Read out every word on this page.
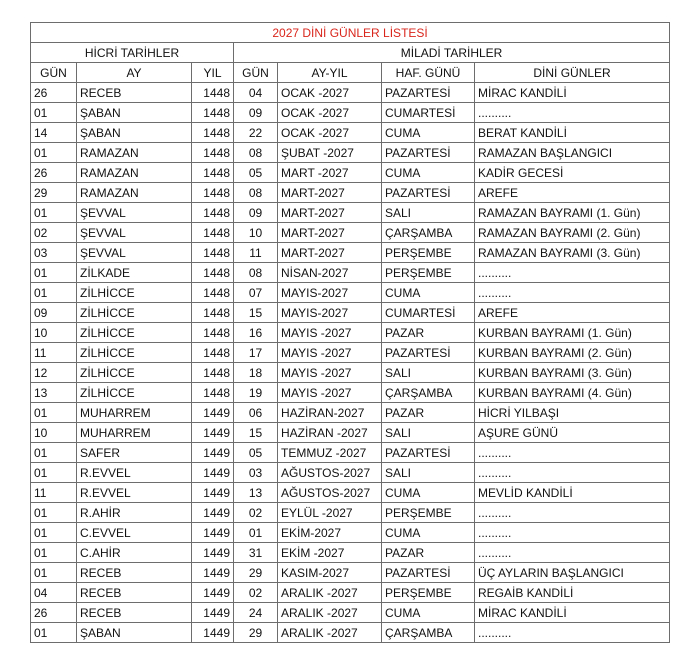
2027 DİNİ GÜNLER LİSTESİ						
HİCRİ TARİHLER			MİLADİ TARİHLER			
GÜN	AY	YIL	GÜN	AY-YIL	HAF. GÜNÜ	DİNİ GÜNLER
26	RECEB	1448	04	OCAK -2027	PAZARTESİ	MİRAC KANDİLİ
01	ŞABAN	1448	09	OCAK -2027	CUMARTESİ	..........
14	ŞABAN	1448	22	OCAK -2027	CUMA	BERAT KANDİLİ
01	RAMAZAN	1448	08	ŞUBAT -2027	PAZARTESİ	RAMAZAN BAŞLANGICI
26	RAMAZAN	1448	05	MART -2027	CUMA	KADİR GECESİ
29	RAMAZAN	1448	08	MART-2027	PAZARTESİ	AREFE
01	ŞEVVAL	1448	09	MART-2027	SALI	RAMAZAN BAYRAMI (1. Gün)
02	ŞEVVAL	1448	10	MART-2027	ÇARŞAMBA	RAMAZAN BAYRAMI (2. Gün)
03	ŞEVVAL	1448	11	MART-2027	PERŞEMBE	RAMAZAN BAYRAMI (3. Gün)
01	ZİLKADE	1448	08	NİSAN-2027	PERŞEMBE	..........
01	ZİLHİCCE	1448	07	MAYIS-2027	CUMA	..........
09	ZİLHİCCE	1448	15	MAYIS-2027	CUMARTESİ	AREFE
10	ZİLHİCCE	1448	16	MAYIS -2027	PAZAR	KURBAN BAYRAMI (1. Gün)
11	ZİLHİCCE	1448	17	MAYIS -2027	PAZARTESİ	KURBAN BAYRAMI (2. Gün)
12	ZİLHİCCE	1448	18	MAYIS -2027	SALI	KURBAN BAYRAMI (3. Gün)
13	ZİLHİCCE	1448	19	MAYIS -2027	ÇARŞAMBA	KURBAN BAYRAMI (4. Gün)
01	MUHARREM	1449	06	HAZİRAN-2027	PAZAR	HİCRİ YILBAŞI
10	MUHARREM	1449	15	HAZİRAN -2027	SALI	AŞURE GÜNÜ
01	SAFER	1449	05	TEMMUZ -2027	PAZARTESİ	..........
01	R.EVVEL	1449	03	AĞUSTOS-2027	SALI	..........
11	R.EVVEL	1449	13	AĞUSTOS-2027	CUMA	MEVLİD KANDİLİ
01	R.AHİR	1449	02	EYLÜL -2027	PERŞEMBE	..........
01	C.EVVEL	1449	01	EKİM-2027	CUMA	..........
01	C.AHİR	1449	31	EKİM -2027	PAZAR	..........
01	RECEB	1449	29	KASIM-2027	PAZARTESİ	ÜÇ AYLARIN BAŞLANGICI
04	RECEB	1449	02	ARALIK -2027	PERŞEMBE	REGAİB KANDİLİ
26	RECEB	1449	24	ARALIK -2027	CUMA	MİRAC KANDİLİ
01	ŞABAN	1449	29	ARALIK -2027	ÇARŞAMBA	..........
